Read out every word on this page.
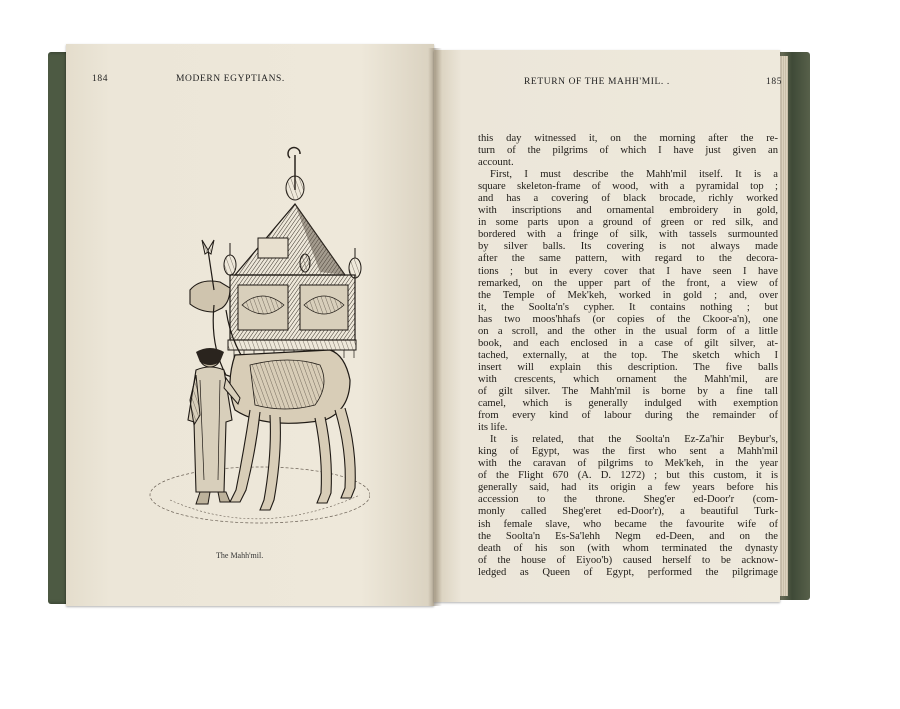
184	MODERN EGYPTIANS.	RETURN OF THE MAHH'MIL. .	185
The Mahh'mil.
this day witnessed it, on the morning after the re-
turn of the pilgrims of which I have just given an
account.
First, I must describe the Mahh'mil itself. It is a
square skeleton-frame of wood, with a pyramidal top ;
and has a covering of black brocade, richly worked
with inscriptions and ornamental embroidery in gold,
in some parts upon a ground of green or red silk, and
bordered with a fringe of silk, with tassels surmounted
by silver balls. Its covering is not always made
after the same pattern, with regard to the decora-
tions ; but in every cover that I have seen I have
remarked, on the upper part of the front, a view of
the Temple of Mek'keh, worked in gold ; and, over
it, the Soolta'n's cypher. It contains nothing ; but
has two moos'hhafs (or copies of the Ckoor-a'n), one
on a scroll, and the other in the usual form of a little
book, and each enclosed in a case of gilt silver, at-
tached, externally, at the top. The sketch which I
insert will explain this description. The five balls
with crescents, which ornament the Mahh'mil, are
of gilt silver. The Mahh'mil is borne by a fine tall
camel, which is generally indulged with exemption
from every kind of labour during the remainder of
its life.
It is related, that the Soolta'n Ez-Za'hir Beybur's,
king of Egypt, was the first who sent a Mahh'mil
with the caravan of pilgrims to Mek'keh, in the year
of the Flight 670 (A. D. 1272) ; but this custom, it is
generally said, had its origin a few years before his
accession to the throne. Sheg'er ed-Door'r (com-
monly called Sheg'eret ed-Door'r), a beautiful Turk-
ish female slave, who became the favourite wife of
the Soolta'n Es-Sa'lehh Negm ed-Deen, and on the
death of his son (with whom terminated the dynasty
of the house of Eiyoo'b) caused herself to be acknow-
ledged as Queen of Egypt, performed the pilgrimage
